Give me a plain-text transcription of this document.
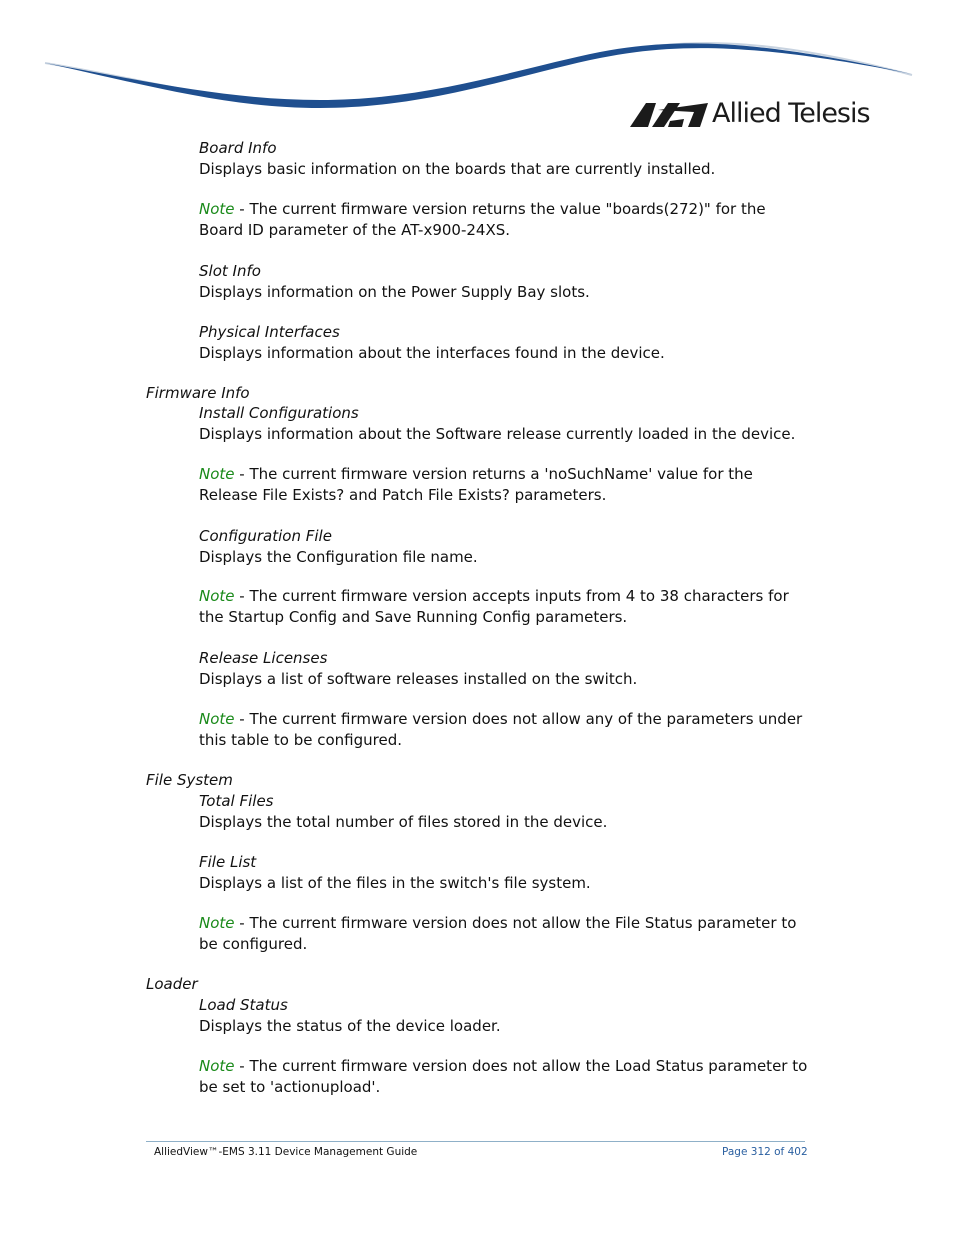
Allied Telesis
Board Info
Displays basic information on the boards that are currently installed.
Note - The current firmware version returns the value "boards(272)" for the Board ID parameter of the AT-x900-24XS.
Slot Info
Displays information on the Power Supply Bay slots.
Physical Interfaces
Displays information about the interfaces found in the device.
Firmware Info
Install Configurations
Displays information about the Software release currently loaded in the device.
Note - The current firmware version returns a 'noSuchName' value for the Release File Exists? and Patch File Exists? parameters.
Configuration File
Displays the Configuration file name.
Note - The current firmware version accepts inputs from 4 to 38 characters for the Startup Config and Save Running Config parameters.
Release Licenses
Displays a list of software releases installed on the switch.
Note - The current firmware version does not allow any of the parameters under this table to be configured.
File System
Total Files
Displays the total number of files stored in the device.
File List
Displays a list of the files in the switch's file system.
Note - The current firmware version does not allow the File Status parameter to be configured.
Loader
Load Status
Displays the status of the device loader.
Note - The current firmware version does not allow the Load Status parameter to be set to 'actionupload'.
AlliedView™-EMS 3.11 Device Management Guide	Page 312 of 402
